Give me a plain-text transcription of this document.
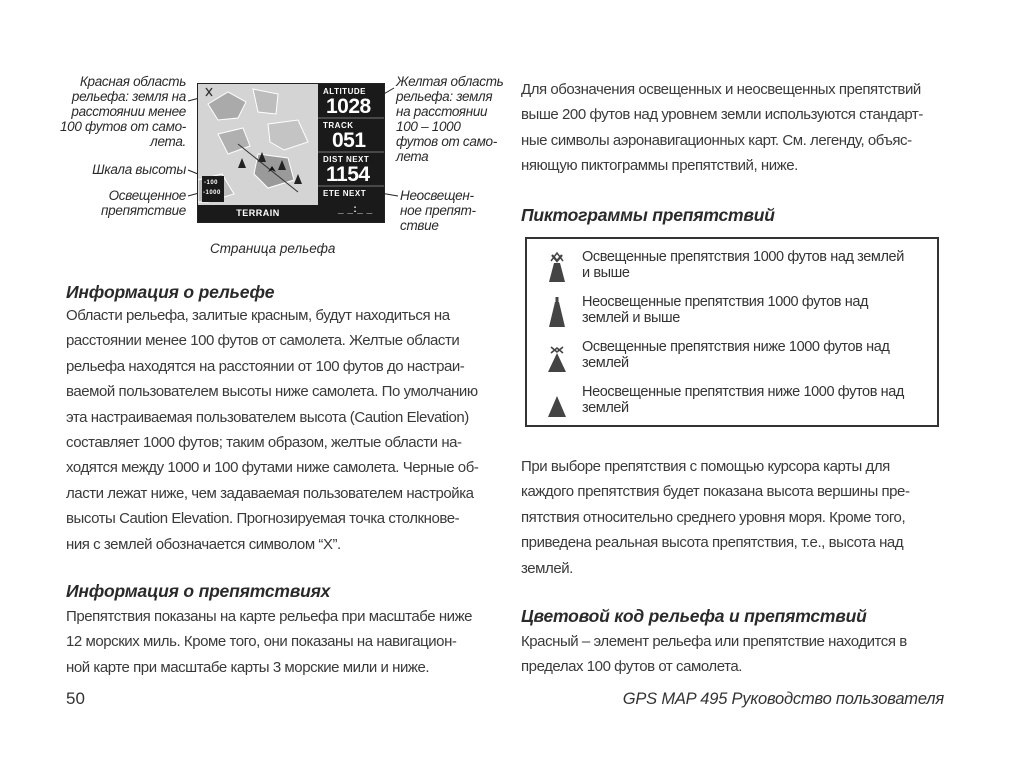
Красная область
рельефа: земля на
расстоянии менее
100 футов от само-
лета.
Шкала высоты
Освещенное
препятствие
Желтая область
рельефа: земля
на расстоянии
100 – 1000
футов от само-
лета
Неосвещен-
ное препят-
ствие
-100
-1000
ALTITUDE
1028
TRACK
051
DIST NEXT
1154
ETE NEXT
_ _:_ _
TERRAIN
Страница рельефа
Информация о рельефе
Области рельефа, залитые красным, будут находиться на
расстоянии менее 100 футов от самолета. Желтые области
рельефа находятся на расстоянии от 100 футов до настраи-
ваемой пользователем высоты ниже самолета. По умолчанию
эта настраиваемая пользователем высота (Caution Elevation)
составляет 1000 футов; таким образом, желтые области на-
ходятся между 1000 и 100 футами ниже самолета. Черные об-
ласти лежат ниже, чем задаваемая пользователем настройка
высоты Caution Elevation. Прогнозируемая точка столкнове-
ния с землей обозначается символом “X”.
Информация о препятствиях
Препятствия показаны на карте рельефа при масштабе ниже
12 морских миль. Кроме того, они показаны на навигацион-
ной карте при масштабе карты 3 морские мили и ниже.
Для обозначения освещенных и неосвещенных препятствий
выше 200 футов над уровнем земли используются стандарт-
ные символы аэронавигационных карт. См. легенду, объяс-
няющую пиктограммы препятствий, ниже.
Пиктограммы препятствий
Освещенные препятствия 1000 футов над землей
и выше
Неосвещенные препятствия 1000 футов над
землей и выше
Освещенные препятствия ниже 1000 футов над
землей
Неосвещенные препятствия ниже 1000 футов над
землей
При выборе препятствия с помощью курсора карты для
каждого препятствия будет показана высота вершины пре-
пятствия относительно среднего уровня моря. Кроме того,
приведена реальная высота препятствия, т.е., высота над
землей.
Цветовой код рельефа и препятствий
Красный – элемент рельефа или препятствие находится в
пределах 100 футов от самолета.
50	GPS MAP 495 Руководство пользователя
